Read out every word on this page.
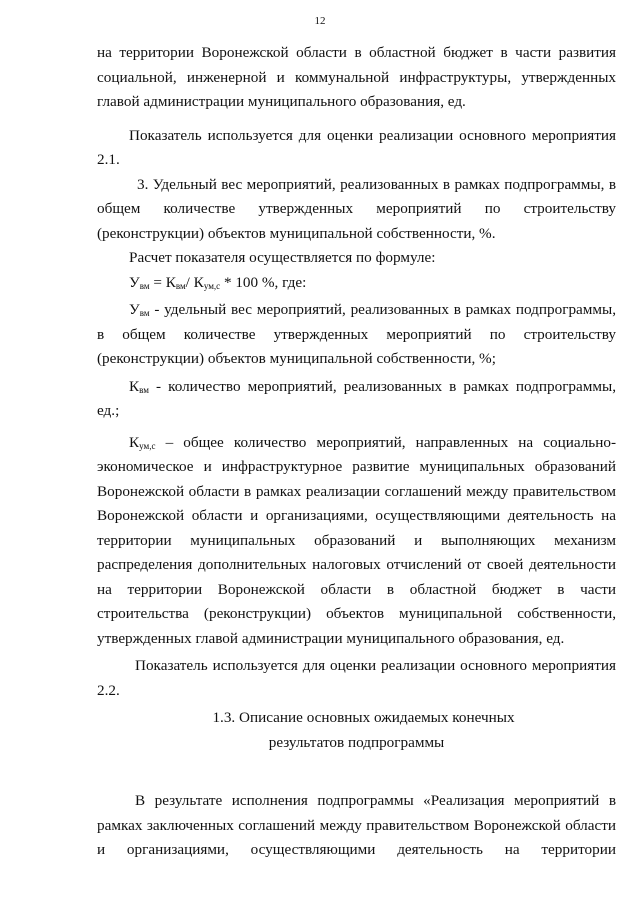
12

на территории Воронежской области в областной бюджет в части развития

социальной, инженерной и коммунальной инфраструктуры, утвержденных

главой администрации муниципального образования, ед.

Показатель используется для оценки реализации основного мероприятия

2.1.

3. Удельный вес мероприятий, реализованных в рамках подпрограммы, в

общем количестве утвержденных мероприятий по строительству

(реконструкции) объектов муниципальной собственности, %.

Расчет показателя осуществляется по формуле:

$У_{вм} = К_{вм}/$ $К_{ум,с} * 100$ %, где:

$У_{вм}$ - удельный вес мероприятий, реализованных в рамках подпрограммы,

в общем количестве утвержденных мероприятий по строительству

(реконструкции) объектов муниципальной собственности, %;

$К_{вм}$ - количество мероприятий, реализованных в рамках подпрограммы,

ед.;

$К_{ум,с}$ – общее количество мероприятий, направленных на социально-

экономическое и инфраструктурное развитие муниципальных образований

Воронежской области в рамках реализации соглашений между правительством

Воронежской области и организациями, осуществляющими деятельность на

территории муниципальных образований и выполняющих механизм

распределения дополнительных налоговых отчислений от своей деятельности

на территории Воронежской области в областной бюджет в части

строительства (реконструкции) объектов муниципальной собственности,

утвержденных главой администрации муниципального образования, ед.

Показатель используется для оценки реализации основного мероприятия

2.2.

1.3. Описание основных ожидаемых конечных
результатов подпрограммы

В результате исполнения подпрограммы «Реализация мероприятий в

рамках заключенных соглашений между правительством Воронежской области

и организациями, осуществляющими деятельность на территории
